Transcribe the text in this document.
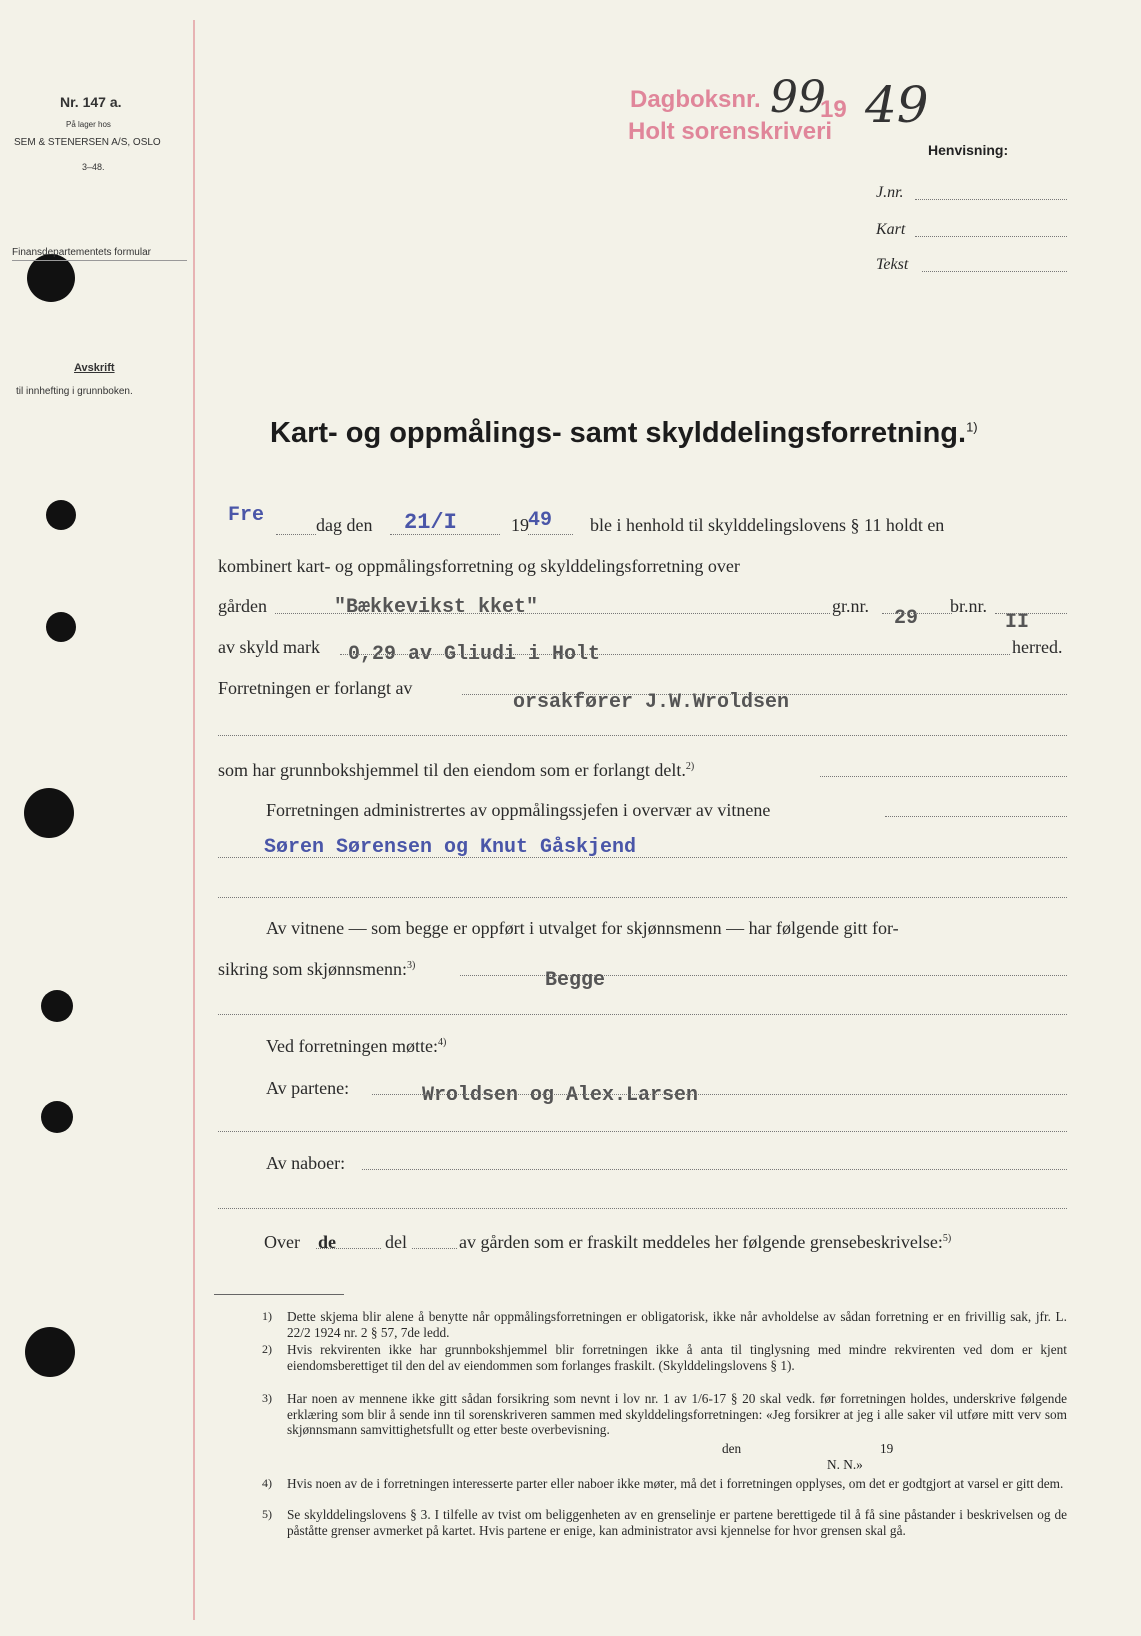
Nr. 147 a.
På lager hos
SEM & STENERSEN A/S, OSLO
3–48.
Finansdepartementets formular
Avskrift
til innhefting i grunnboken.
Dagboksnr. 19
Holt sorenskriveri
99 49
Henvisning:
J.nr.
Kart
Tekst
Kart- og oppmålings- samt skylddelingsforretning.$^{1)}$
Fre	dag den 21/I	19 49 ble i henhold til skylddelingslovens § 11 holdt en
kombinert kart- og oppmålingsforretning og skylddelingsforretning over
gården	"Bækkevikst kket"	gr.nr.
29
br.nr.
II
av skyld mark 0,29 av Gliudi i Holt	herred.
Forretningen er forlangt av
orsakfører J.W.Wroldsen
som har grunnbokshjemmel til den eiendom som er forlangt delt.$^{2)}$
Forretningen administrertes av oppmålingssjefen i overvær av vitnene
Søren Sørensen og Knut Gåskjend
Av vitnene — som begge er oppført i utvalget for skjønnsmenn — har følgende gitt for-
sikring som skjønnsmenn:$^{3)}$
Begge
Ved forretningen møtte:$^{4)}$
Av partene:	Wroldsen og Alex.Larsen
Av naboer:
Over de	del	av gården som er fraskilt meddeles her følgende grensebeskrivelse:$^{5)}$
1) Dette skjema blir alene å benytte når oppmålingsforretningen er obligatorisk, ikke når avholdelse av sådan forretning er en frivillig sak, jfr. L. 22/2 1924 nr. 2 § 57, 7de ledd.
2) Hvis rekvirenten ikke har grunnbokshjemmel blir forretningen ikke å anta til tinglysning med mindre rekvirenten ved dom er kjent eiendomsberettiget til den del av eiendommen som forlanges fraskilt. (Skylddelingslovens § 1).
3) Har noen av mennene ikke gitt sådan forsikring som nevnt i lov nr. 1 av 1/6-17 § 20 skal vedk. før forretningen holdes, underskrive følgende erklæring som blir å sende inn til sorenskriveren sammen med skylddelingsforretningen: «Jeg forsikrer at jeg i alle saker vil utføre mitt verv som skjønnsmann samvittighetsfullt og etter beste overbevisning.
den	19
N. N.»
4) Hvis noen av de i forretningen interesserte parter eller naboer ikke møter, må det i forretningen opplyses, om det er godtgjort at varsel er gitt dem.
5) Se skylddelingslovens § 3. I tilfelle av tvist om beliggenheten av en grenselinje er partene berettigede til å få sine påstander i beskrivelsen og de påståtte grenser avmerket på kartet. Hvis partene er enige, kan administrator avsi kjennelse for hvor grensen skal gå.
